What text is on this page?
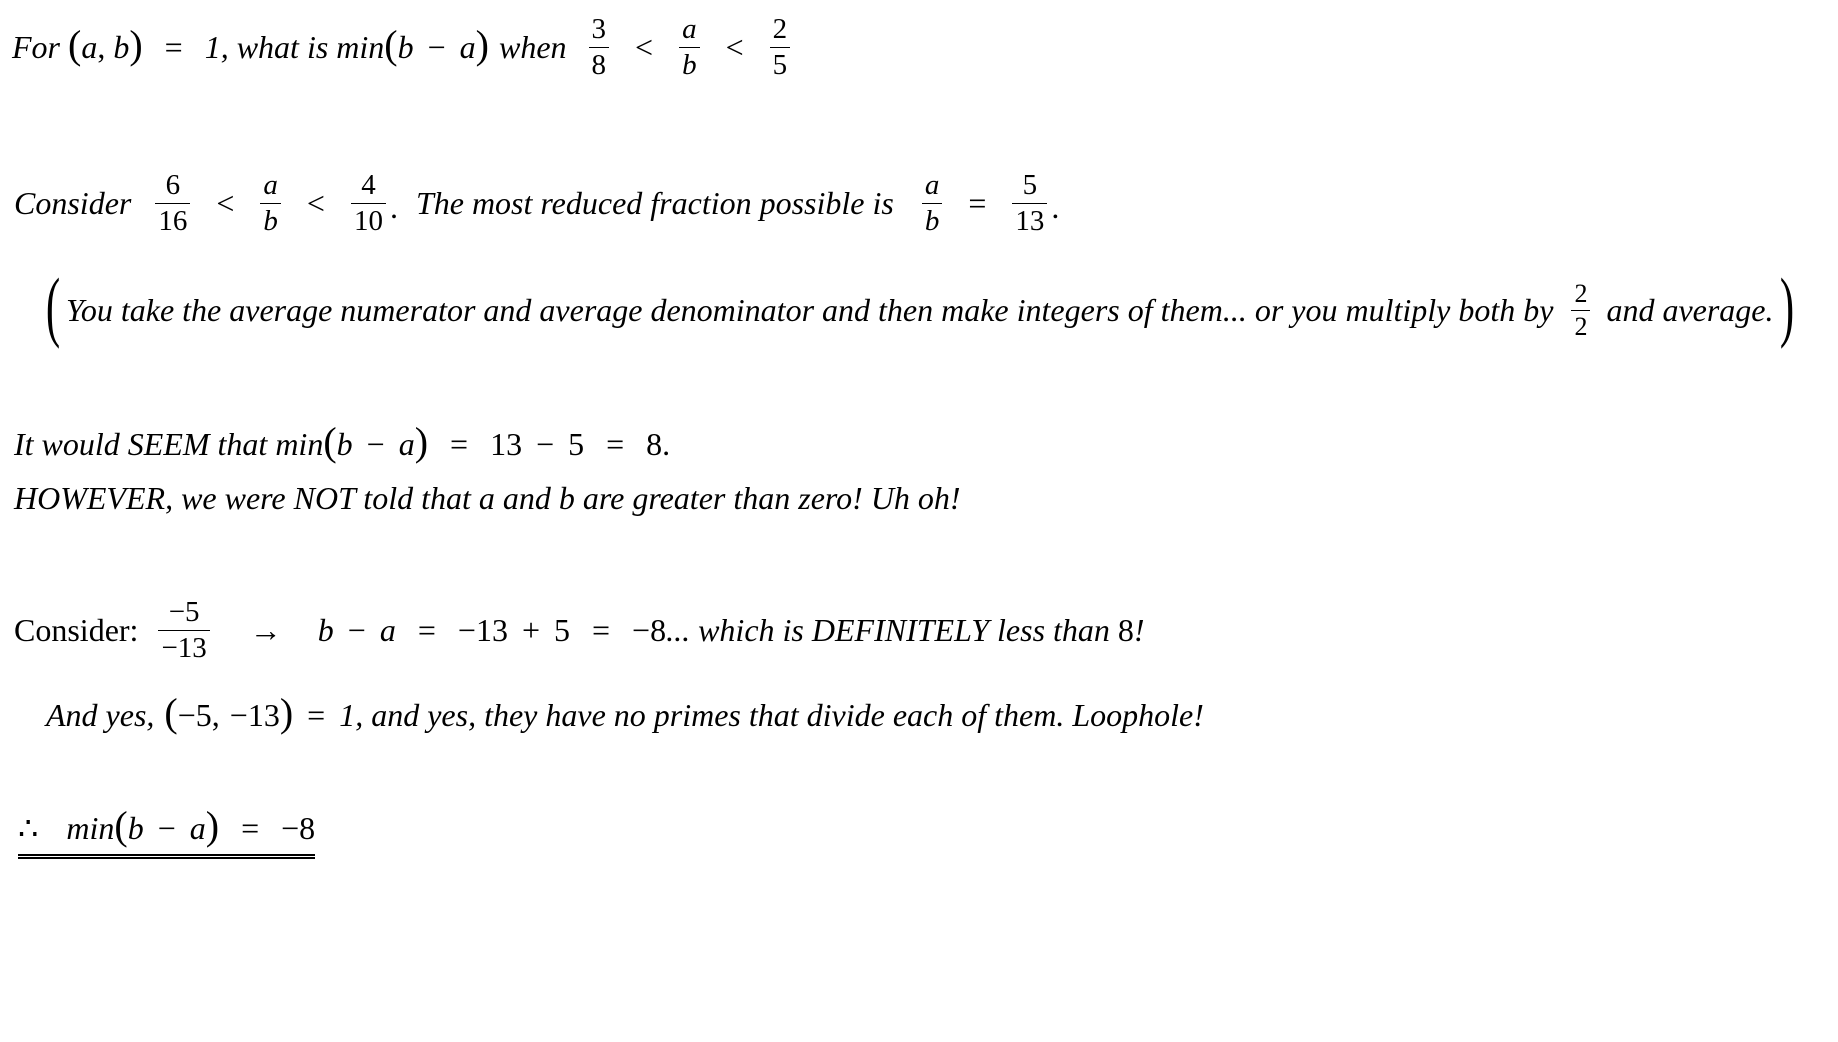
For ( a , b ) = 1, what is min ( b − a ) when $\frac{3}{8} < \frac{a}{b} < \frac{2}{5}$
Consider $\frac{6}{16} < \frac{a}{b} < \frac{4}{10}$ . The most reduced fraction possible is $\frac{a}{b} = \frac{5}{13}$ .
( You take the average numerator and average denominator and then make integers of them... or you multiply both by $\frac{2}{2}$ and average. )
It would SEEM that min ( b − a ) = 13 − 5 = 8.
HOWEVER, we were NOT told that a and b are greater than zero! Uh oh!
Consider: $\frac{-5}{-13} \to b - a = -13 + 5 = -8$ ... which is DEFINITELY less than 8 !
And yes, ( −5 , −13 ) = 1, and yes, they have no primes that divide each of them. Loophole!
∴ min ( b − a ) = −8
